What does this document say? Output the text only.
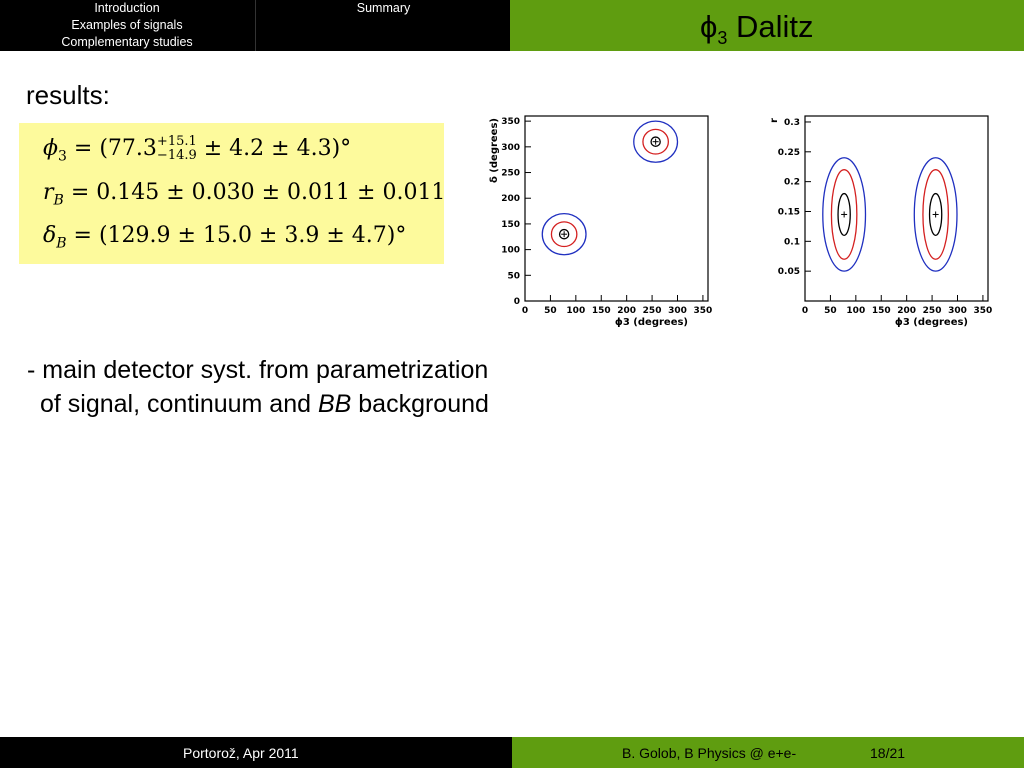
Introduction
Examples of signals
Complementary studies
Summary
$\phi_3$ Dalitz
results:
$\phi_3 = (77.3+15.1$
−14.9 ± 4.2 ± 4.3)°
$r_B = 0.145 \pm 0.030 \pm 0.011 \pm 0.011$
$\delta_B = (129.9 \pm 15.0 \pm 3.9 \pm 4.7)^\circ$
0 50 100 150 200 250 300 350
0
50
100
150
200
250
300
350
ϕ3 (degrees)
δ (degrees)
0 50 100 150 200 250 300 350
0.05
0.1
0.15
0.2
0.25
0.3
ϕ3 (degrees)
r
- main detector syst. from parametrization
of signal, continuum and BB background
Portorož, Apr 2011	B. Golob, B Physics @ e+e-	18/21
